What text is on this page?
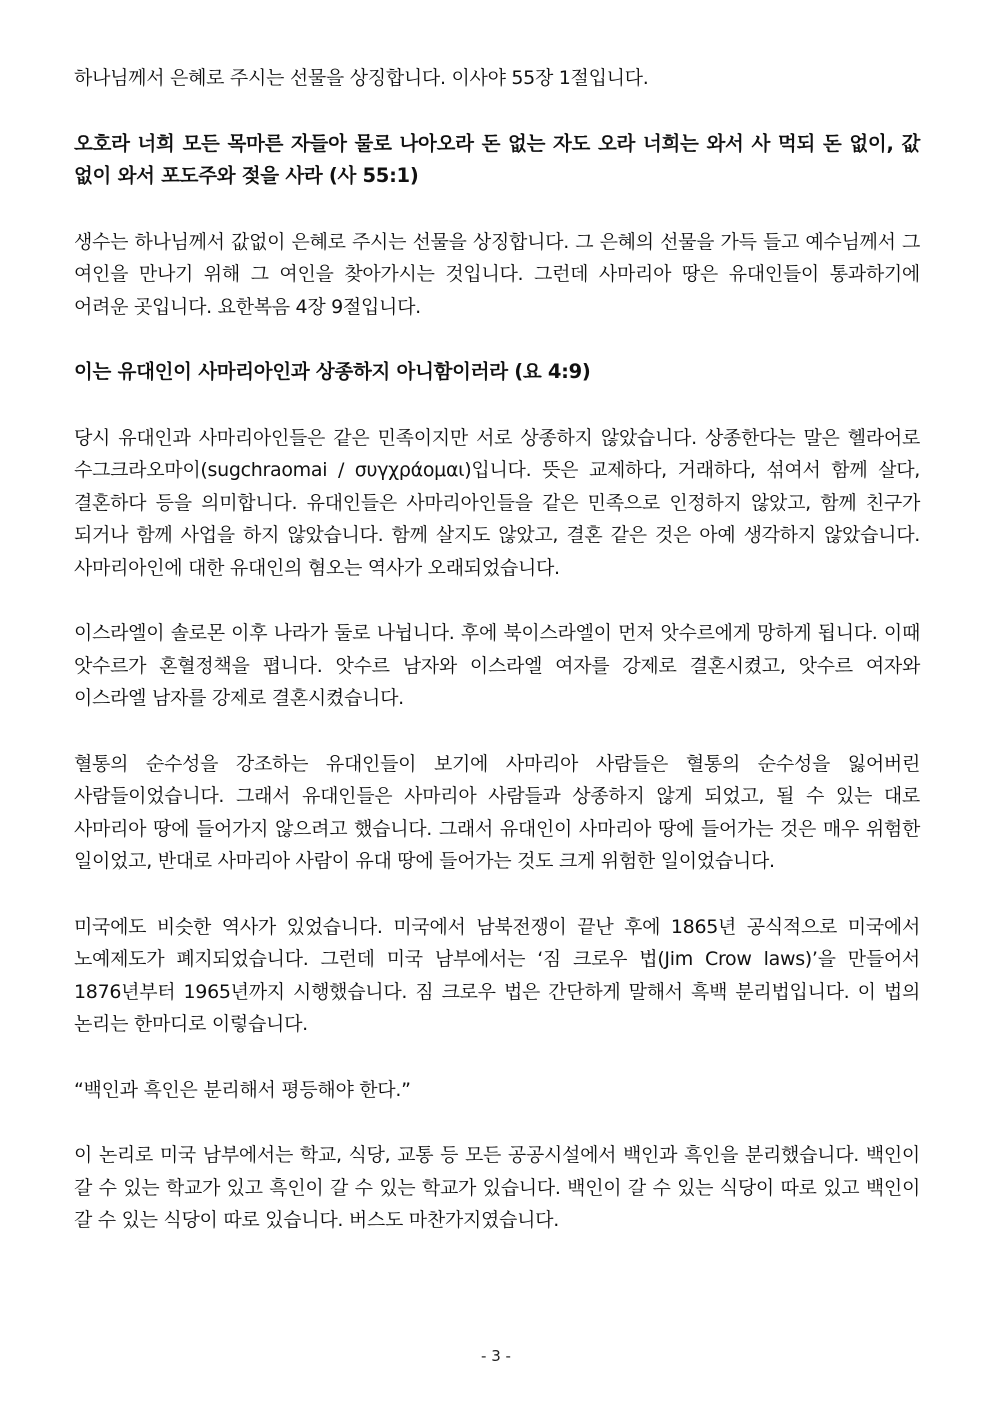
하나님께서 은혜로 주시는 선물을 상징합니다. 이사야 55장 1절입니다.

오호라 너희 모든 목마른 자들아 물로 나아오라 돈 없는 자도 오라 너희는 와서 사 먹되 돈 없이, 값 없이 와서 포도주와 젖을 사라 (사 55:1)

생수는 하나님께서 값없이 은혜로 주시는 선물을 상징합니다. 그 은혜의 선물을 가득 들고 예수님께서 그 여인을 만나기 위해 그 여인을 찾아가시는 것입니다. 그런데 사마리아 땅은 유대인들이 통과하기에 어려운 곳입니다. 요한복음 4장 9절입니다.

이는 유대인이 사마리아인과 상종하지 아니함이러라 (요 4:9)

당시 유대인과 사마리아인들은 같은 민족이지만 서로 상종하지 않았습니다. 상종한다는 말은 헬라어로 수그크라오마이(sugchraomai / συγχράομαι)입니다. 뜻은 교제하다, 거래하다, 섞여서 함께 살다, 결혼하다 등을 의미합니다. 유대인들은 사마리아인들을 같은 민족으로 인정하지 않았고, 함께 친구가 되거나 함께 사업을 하지 않았습니다. 함께 살지도 않았고, 결혼 같은 것은 아예 생각하지 않았습니다. 사마리아인에 대한 유대인의 혐오는 역사가 오래되었습니다.

이스라엘이 솔로몬 이후 나라가 둘로 나뉩니다. 후에 북이스라엘이 먼저 앗수르에게 망하게 됩니다. 이때 앗수르가 혼혈정책을 폅니다. 앗수르 남자와 이스라엘 여자를 강제로 결혼시켰고, 앗수르 여자와 이스라엘 남자를 강제로 결혼시켰습니다.

혈통의 순수성을 강조하는 유대인들이 보기에 사마리아 사람들은 혈통의 순수성을 잃어버린 사람들이었습니다. 그래서 유대인들은 사마리아 사람들과 상종하지 않게 되었고, 될 수 있는 대로 사마리아 땅에 들어가지 않으려고 했습니다. 그래서 유대인이 사마리아 땅에 들어가는 것은 매우 위험한 일이었고, 반대로 사마리아 사람이 유대 땅에 들어가는 것도 크게 위험한 일이었습니다.

미국에도 비슷한 역사가 있었습니다. 미국에서 남북전쟁이 끝난 후에 1865년 공식적으로 미국에서 노예제도가 폐지되었습니다. 그런데 미국 남부에서는 ‘짐 크로우 법(Jim Crow laws)’을 만들어서 1876년부터 1965년까지 시행했습니다. 짐 크로우 법은 간단하게 말해서 흑백 분리법입니다. 이 법의 논리는 한마디로 이렇습니다.

“백인과 흑인은 분리해서 평등해야 한다.”

이 논리로 미국 남부에서는 학교, 식당, 교통 등 모든 공공시설에서 백인과 흑인을 분리했습니다. 백인이 갈 수 있는 학교가 있고 흑인이 갈 수 있는 학교가 있습니다. 백인이 갈 수 있는 식당이 따로 있고 백인이 갈 수 있는 식당이 따로 있습니다. 버스도 마찬가지였습니다.

- 3 -
